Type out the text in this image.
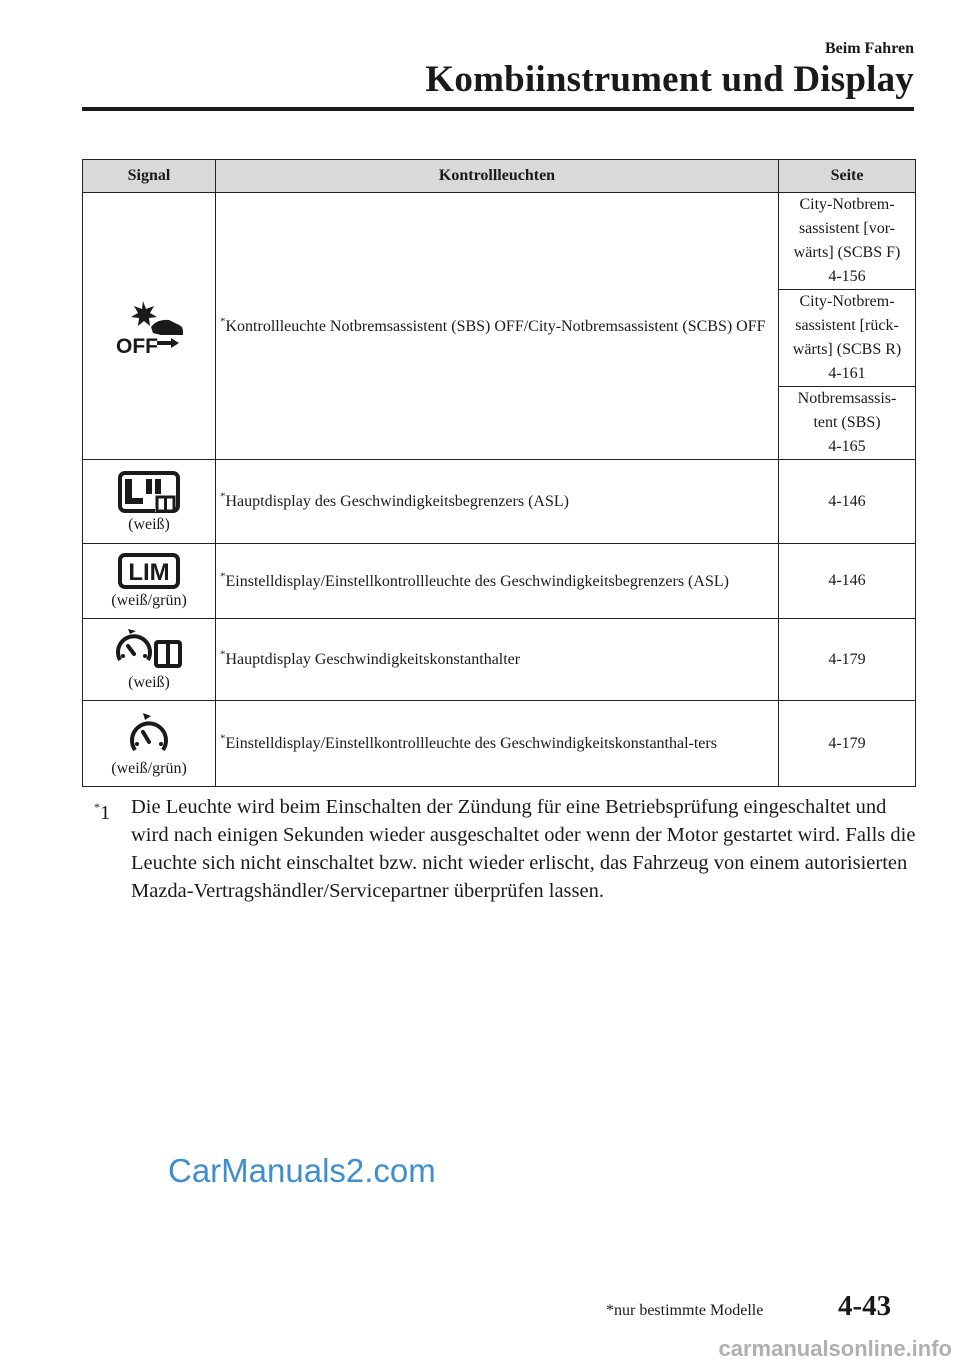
Beim Fahren
Kombiinstrument und Display
Signal	Kontrollleuchten	Seite

OFF	*Kontrollleuchte Notbremsassistent (SBS) OFF/City-Notbremsassistent (SCBS) OFF	City-Notbrem-
sassistent [vor-
wärts] (SCBS F)
4-156
		City-Notbrem-
sassistent [rück-
wärts] (SCBS R)
4-161
		Notbremsassis-
tent (SBS)
4-165

(weiß)	*Hauptdisplay des Geschwindigkeitsbegrenzers (ASL)	4-146

LIM
(weiß/grün)	*Einstelldisplay/Einstellkontrollleuchte des Geschwindigkeitsbegrenzers (ASL)	4-146

(weiß)	*Hauptdisplay Geschwindigkeitskonstanthalter	4-179

(weiß/grün)	*Einstelldisplay/Einstellkontrollleuchte des Geschwindigkeitskonstanthal-ters	4-179
*1 Die Leuchte wird beim Einschalten der Zündung für eine Betriebsprüfung eingeschaltet und wird nach einigen Sekunden wieder ausgeschaltet oder wenn der Motor gestartet wird. Falls die Leuchte sich nicht einschaltet bzw. nicht wieder erlischt, das Fahrzeug von einem autorisierten Mazda-Vertragshändler/Servicepartner überprüfen lassen.
CarManuals2.com
*nur bestimmte Modelle	4-43
carmanualsonline.info
